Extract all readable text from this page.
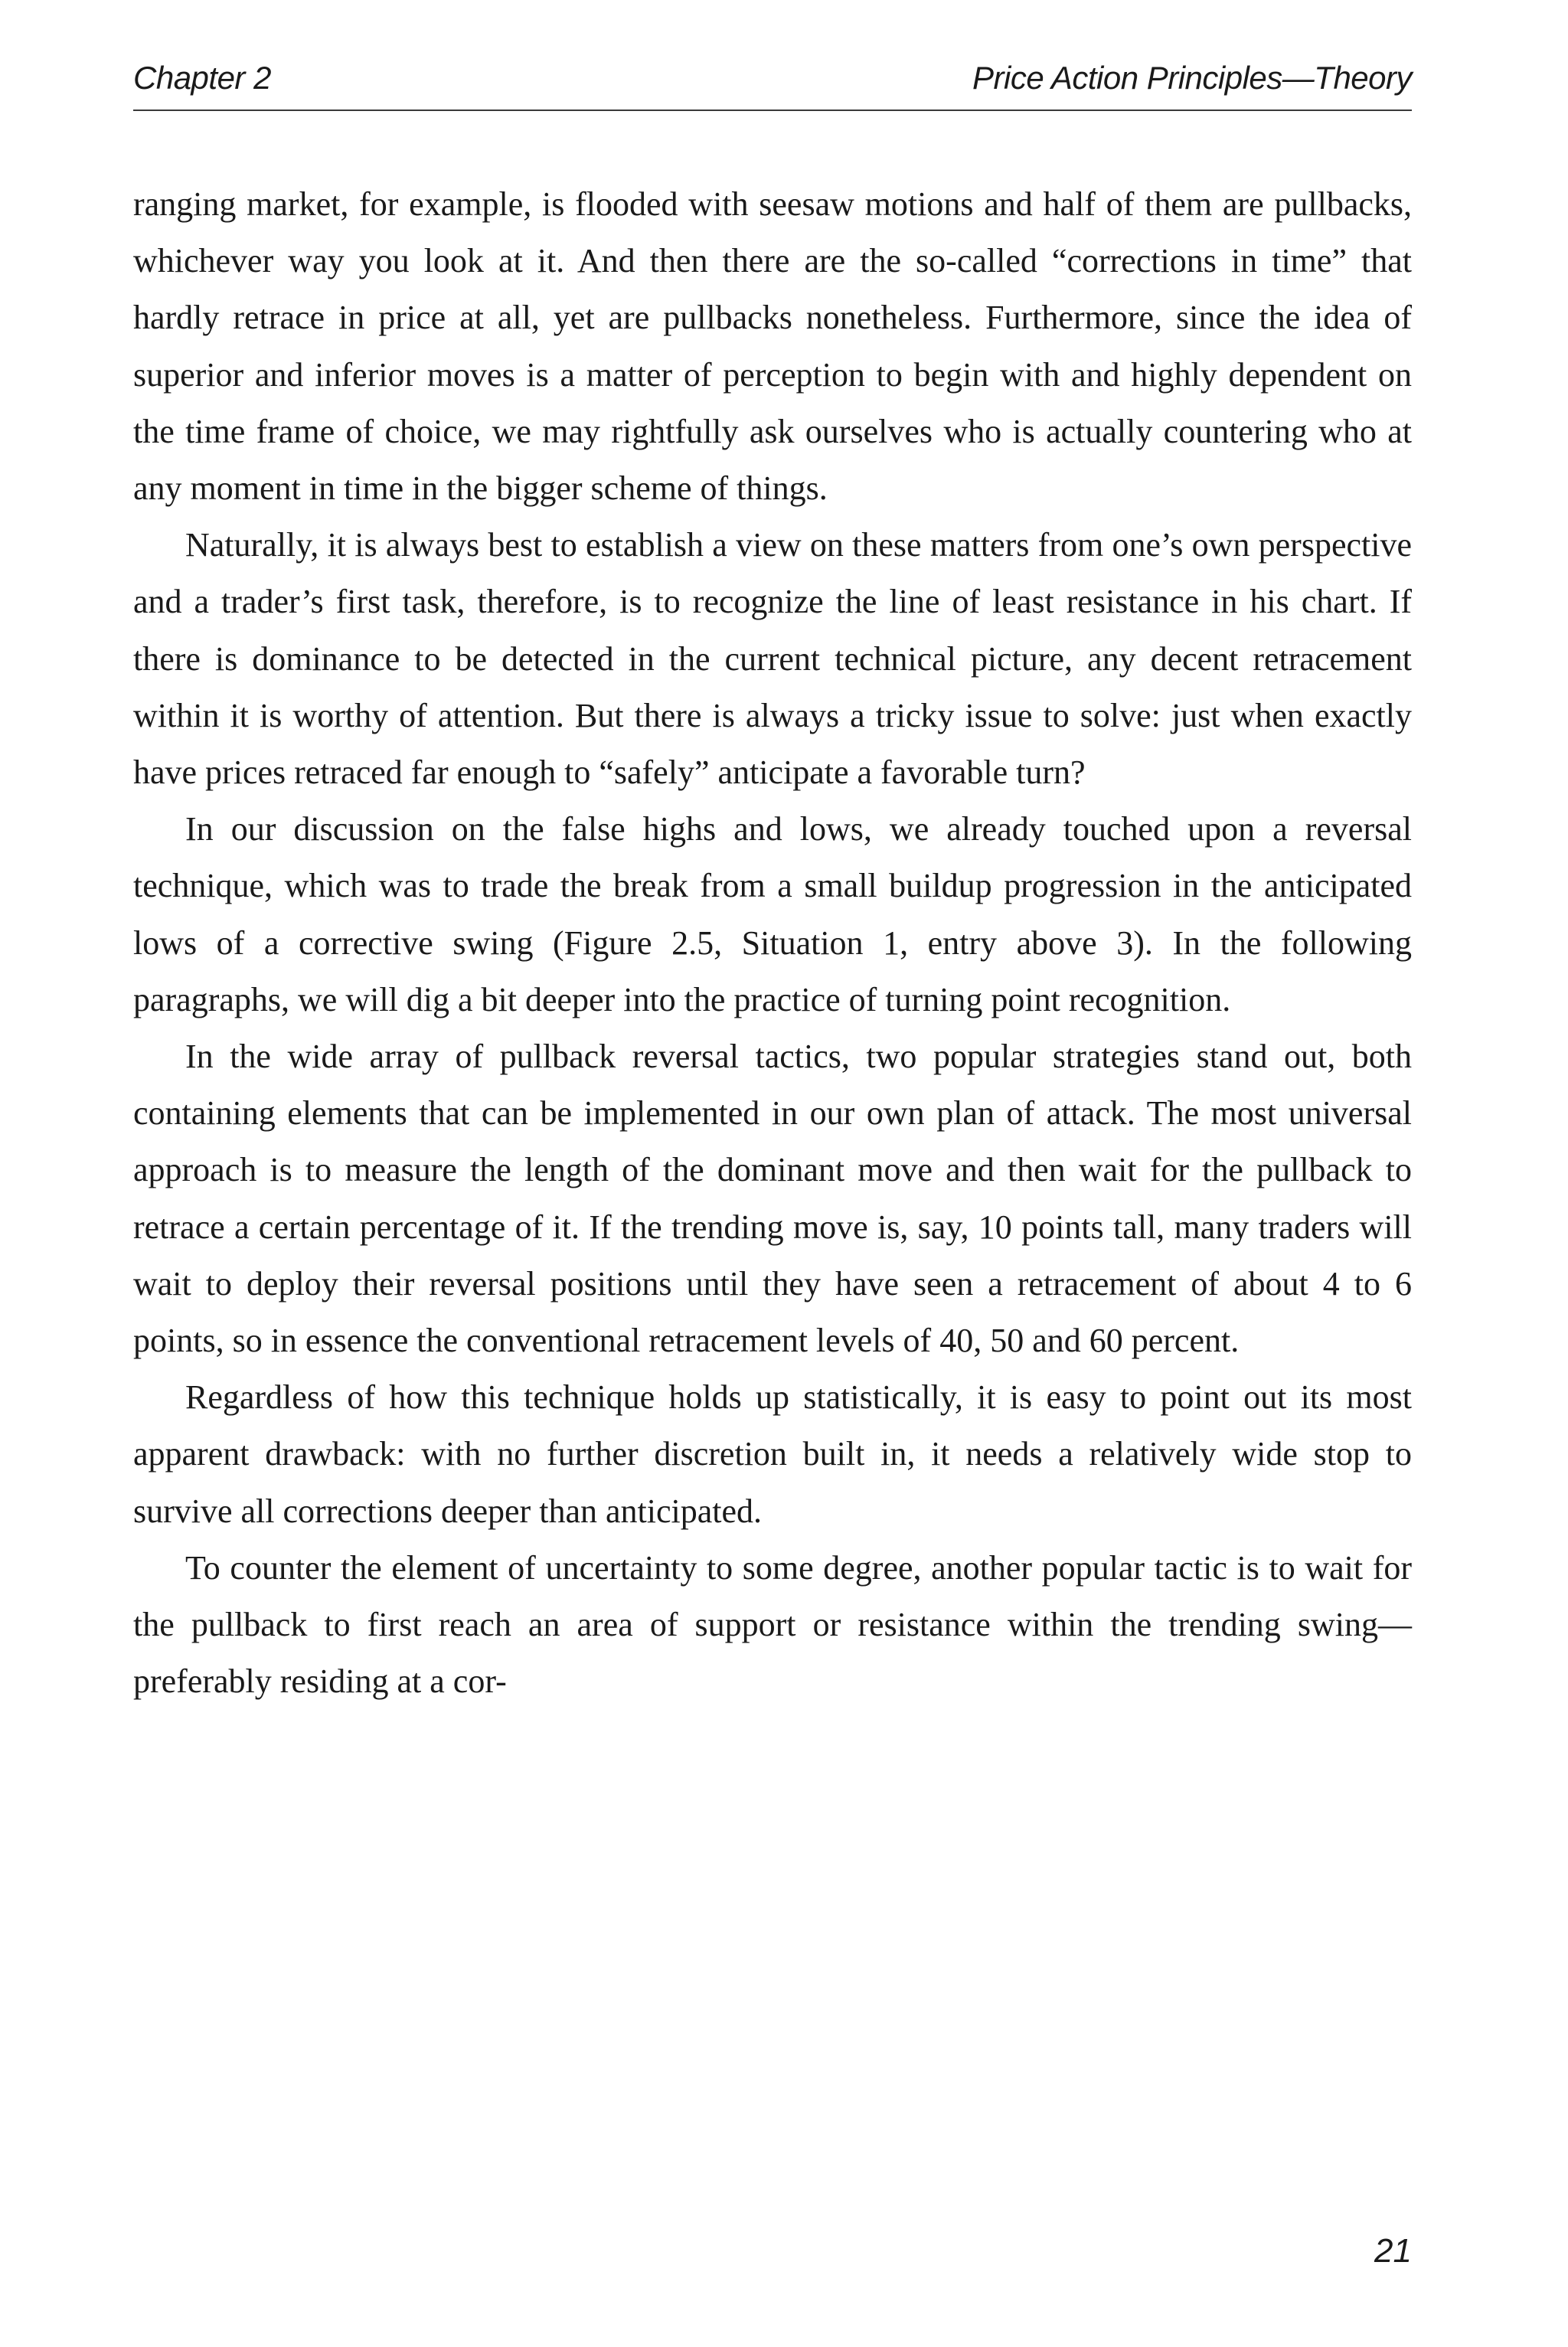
Chapter 2	Price Action Principles—Theory

ranging market, for example, is flooded with seesaw motions and half of them are pullbacks, whichever way you look at it. And then there are the so-called “corrections in time” that hardly retrace in price at all, yet are pullbacks nonetheless. Furthermore, since the idea of superior and inferior moves is a matter of perception to begin with and highly dependent on the time frame of choice, we may rightfully ask ourselves who is actually countering who at any moment in time in the bigger scheme of things.

Naturally, it is always best to establish a view on these matters from one’s own perspective and a trader’s first task, therefore, is to recognize the line of least resistance in his chart. If there is dominance to be detected in the current technical picture, any decent retracement within it is worthy of attention. But there is always a tricky issue to solve: just when exactly have prices retraced far enough to “safely” anticipate a favorable turn?

In our discussion on the false highs and lows, we already touched upon a reversal technique, which was to trade the break from a small buildup progression in the anticipated lows of a corrective swing (Figure 2.5, Situation 1, entry above 3). In the following paragraphs, we will dig a bit deeper into the practice of turning point recognition.

In the wide array of pullback reversal tactics, two popular strategies stand out, both containing elements that can be implemented in our own plan of attack. The most universal approach is to measure the length of the dominant move and then wait for the pullback to retrace a certain percentage of it. If the trending move is, say, 10 points tall, many traders will wait to deploy their reversal positions until they have seen a retracement of about 4 to 6 points, so in essence the conventional retracement levels of 40, 50 and 60 percent.

Regardless of how this technique holds up statistically, it is easy to point out its most apparent drawback: with no further discretion built in, it needs a relatively wide stop to survive all corrections deeper than anticipated.

To counter the element of uncertainty to some degree, another popular tactic is to wait for the pullback to first reach an area of support or resistance within the trending swing—preferably residing at a cor-

21
